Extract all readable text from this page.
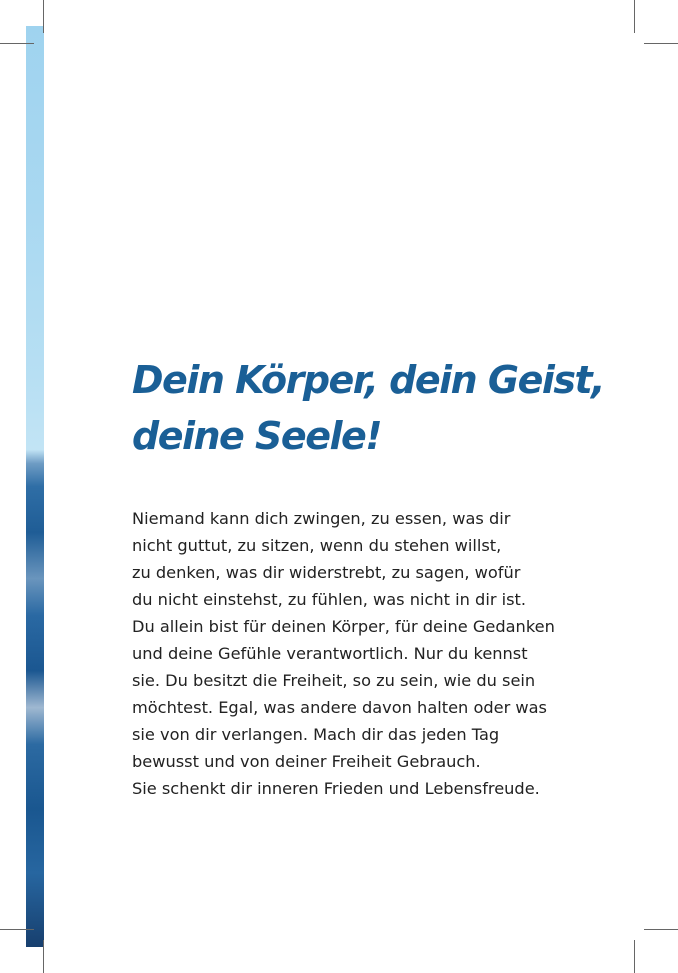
Dein Körper, dein Geist,
deine Seele!

Niemand kann dich zwingen, zu essen, was dir
nicht guttut, zu sitzen, wenn du stehen willst,
zu denken, was dir widerstrebt, zu sagen, wofür
du nicht einstehst, zu fühlen, was nicht in dir ist.
Du allein bist für deinen Körper, für deine Gedanken
und deine Gefühle verantwortlich. Nur du kennst
sie. Du besitzt die Freiheit, so zu sein, wie du sein
möchtest. Egal, was andere davon halten oder was
sie von dir verlangen. Mach dir das jeden Tag
bewusst und von deiner Freiheit Gebrauch.
Sie schenkt dir inneren Frieden und Lebensfreude.
